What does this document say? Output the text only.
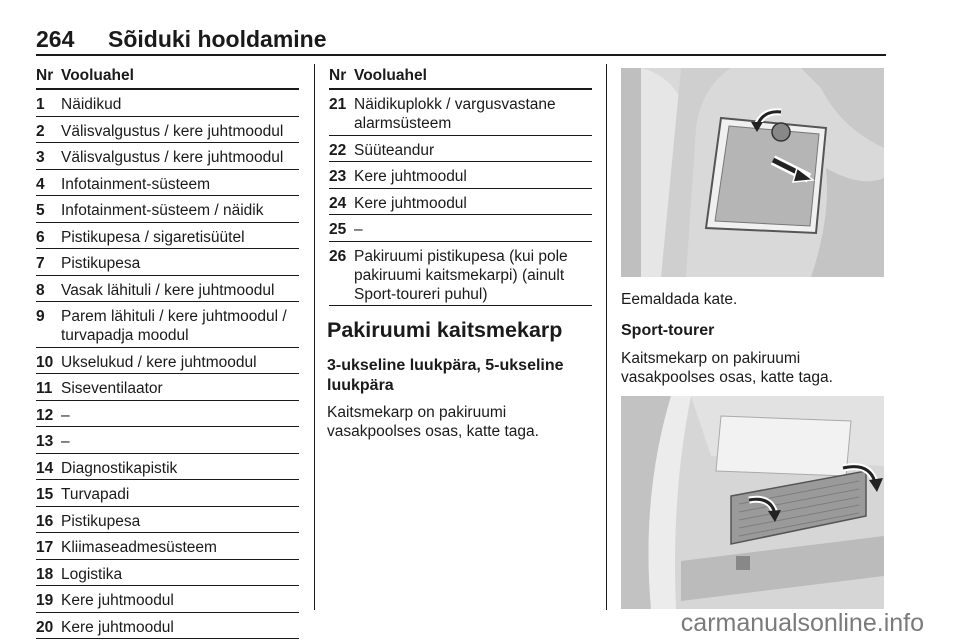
264 Sõiduki hooldamine
Nr Vooluahel
1	Näidikud
2	Välisvalgustus / kere juhtmoodul
3	Välisvalgustus / kere juhtmoodul
4	Infotainment-süsteem
5	Infotainment-süsteem / näidik
6	Pistikupesa / sigaretisüütel
7	Pistikupesa
8	Vasak lähituli / kere juhtmoodul
9	Parem lähituli / kere juhtmoodul / turvapadja moodul
10 Ukselukud / kere juhtmoodul
11 Siseventilaator
12 –
13 –
14 Diagnostikapistik
15 Turvapadi
16 Pistikupesa
17 Kliimaseadmesüsteem
18 Logistika
19 Kere juhtmoodul
20 Kere juhtmoodul
Nr Vooluahel
21 Näidikuplokk / vargusvastane alarmsüsteem
22 Süüteandur
23 Kere juhtmoodul
24 Kere juhtmoodul
25 –
26 Pakiruumi pistikupesa (kui pole pakiruumi kaitsmekarpi) (ainult Sport-toureri puhul)
Pakiruumi kaitsmekarp
3-ukseline luukpära, 5-ukseline luukpära
Kaitsmekarp on pakiruumi vasakpoolses osas, katte taga.
Eemaldada kate.
Sport-tourer
Kaitsmekarp on pakiruumi vasakpoolses osas, katte taga.
carmanualsonline.info
